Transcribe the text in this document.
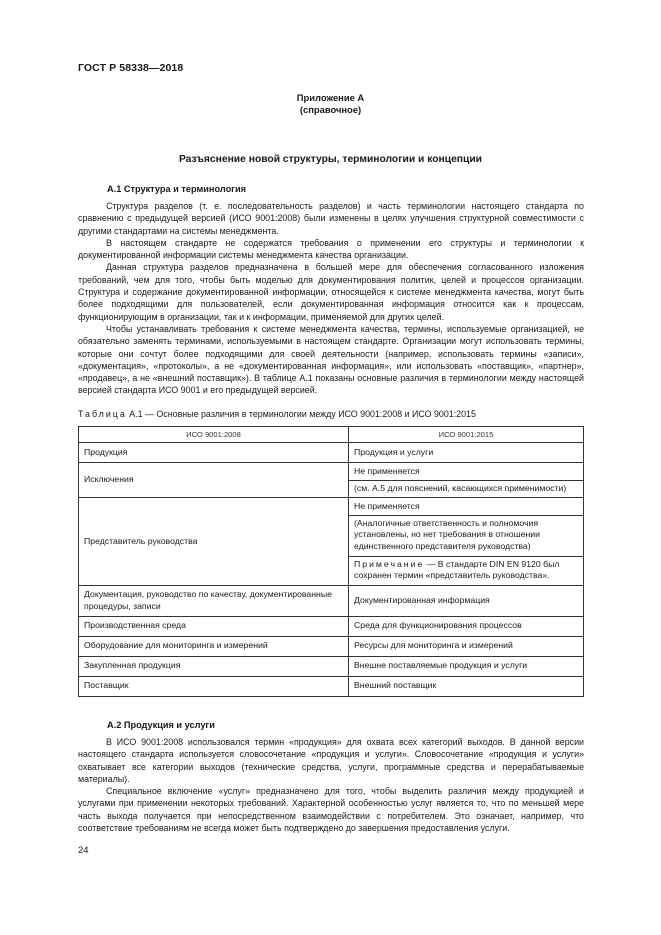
ГОСТ Р 58338—2018
Приложение А
(справочное)
Разъяснение новой структуры, терминологии и концепции
А.1 Структура и терминология

Структура разделов (т. е. последовательность разделов) и часть терминологии настоящего стандарта по сравнению с предыдущей версией (ИСО 9001:2008) были изменены в целях улучшения структурной совместимости с другими стандартами на системы менеджмента.

В настоящем стандарте не содержатся требования о применении его структуры и терминологии к документированной информации системы менеджмента качества организации.

Данная структура разделов предназначена в большей мере для обеспечения согласованного изложения требований, чем для того, чтобы быть моделью для документирования политик, целей и процессов организации. Структура и содержание документированной информации, относящейся к системе менеджмента качества, могут быть более подходящими для пользователей, если документированная информация относится как к процессам, функционирующим в организации, так и к информации, применяемой для других целей.

Чтобы устанавливать требования к системе менеджмента качества, термины, используемые организацией, не обязательно заменять терминами, используемыми в настоящем стандарте. Организации могут использовать термины, которые они сочтут более подходящими для своей деятельности (например, использовать термины «записи», «документация», «протоколы», а не «документированная информация», или использовать «поставщик», «партнер», «продавец», а не «внешний поставщик»). В таблице А.1 показаны основные различия в терминологии между настоящей версией стандарта ИСО 9001 и его предыдущей версией.

Таблица А.1 — Основные различия в терминологии между ИСО 9001:2008 и ИСО 9001:2015
ИСО 9001:2008	ИСО 9001:2015
Продукция	Продукция и услуги
Исключения	Не применяется
(см. А.5 для пояснений, касающихся применимости)

Представитель руководства	Не применяется
(Аналогичные ответственность и полномочия установлены, но нет требования в отношении единственного представителя руководства)
Примечание — В стандарте DIN EN 9120 был сохранен термин «представитель руководства».

Документация, руководство по качеству, документированные процедуры, записи	Документированная информация
Производственная среда	Среда для функционирования процессов
Оборудование для мониторинга и измерений	Ресурсы для мониторинга и измерений
Закупленная продукция	Внешне поставляемые продукция и услуги
Поставщик	Внешний поставщик
А.2 Продукция и услуги

В ИСО 9001:2008 использовался термин «продукция» для охвата всех категорий выходов. В данной версии настоящего стандарта используется словосочетание «продукция и услуги». Словосочетание «продукция и услуги» охватывает все категории выходов (технические средства, услуги, программные средства и перерабатываемые материалы).

Специальное включение «услуг» предназначено для того, чтобы выделить различия между продукцией и услугами при применении некоторых требований. Характерной особенностью услуг является то, что по меньшей мере часть выхода получается при непосредственном взаимодействии с потребителем. Это означает, например, что соответствие требованиям не всегда может быть подтверждено до завершения предоставления услуги.

24
